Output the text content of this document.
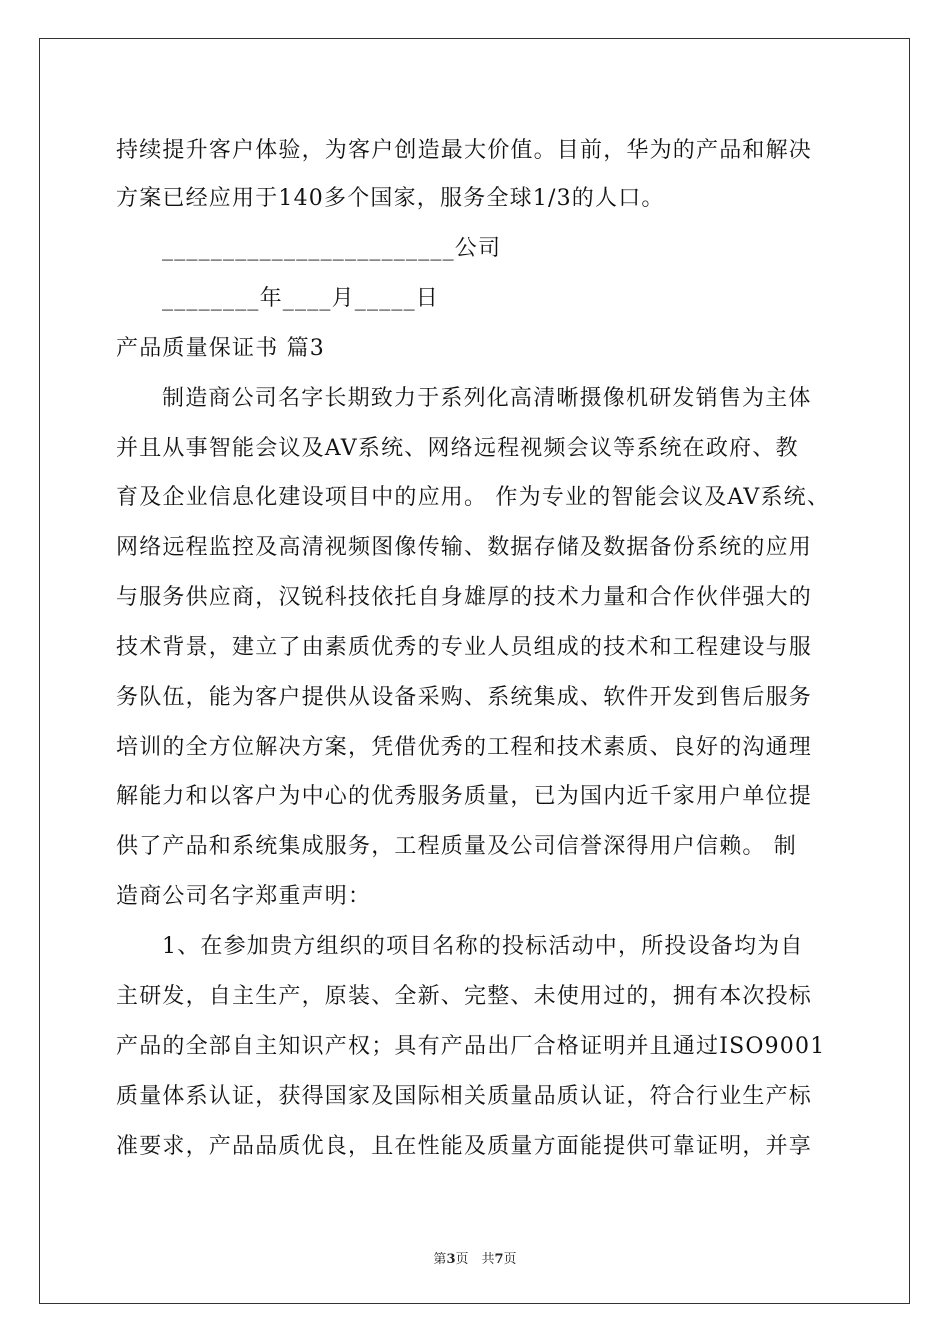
持续提升客户体验，为客户创造最大价值。目前，华为的产品和解决
方案已经应用于140多个国家，服务全球1/3的人口。
________________________公司
________年____月_____日
产品质量保证书 篇3
制造商公司名字长期致力于系列化高清晰摄像机研发销售为主体
并且从事智能会议及AV系统、网络远程视频会议等系统在政府、教
育及企业信息化建设项目中的应用。 作为专业的智能会议及AV系统、
网络远程监控及高清视频图像传输、数据存储及数据备份系统的应用
与服务供应商，汉锐科技依托自身雄厚的技术力量和合作伙伴强大的
技术背景，建立了由素质优秀的专业人员组成的技术和工程建设与服
务队伍，能为客户提供从设备采购、系统集成、软件开发到售后服务
培训的全方位解决方案，凭借优秀的工程和技术素质、良好的沟通理
解能力和以客户为中心的优秀服务质量，已为国内近千家用户单位提
供了产品和系统集成服务，工程质量及公司信誉深得用户信赖。 制
造商公司名字郑重声明：
1、在参加贵方组织的项目名称的投标活动中，所投设备均为自
主研发，自主生产，原装、全新、完整、未使用过的，拥有本次投标
产品的全部自主知识产权；具有产品出厂合格证明并且通过ISO9001
质量体系认证，获得国家及国际相关质量品质认证，符合行业生产标
准要求，产品品质优良，且在性能及质量方面能提供可靠证明，并享
第3页　共7页
